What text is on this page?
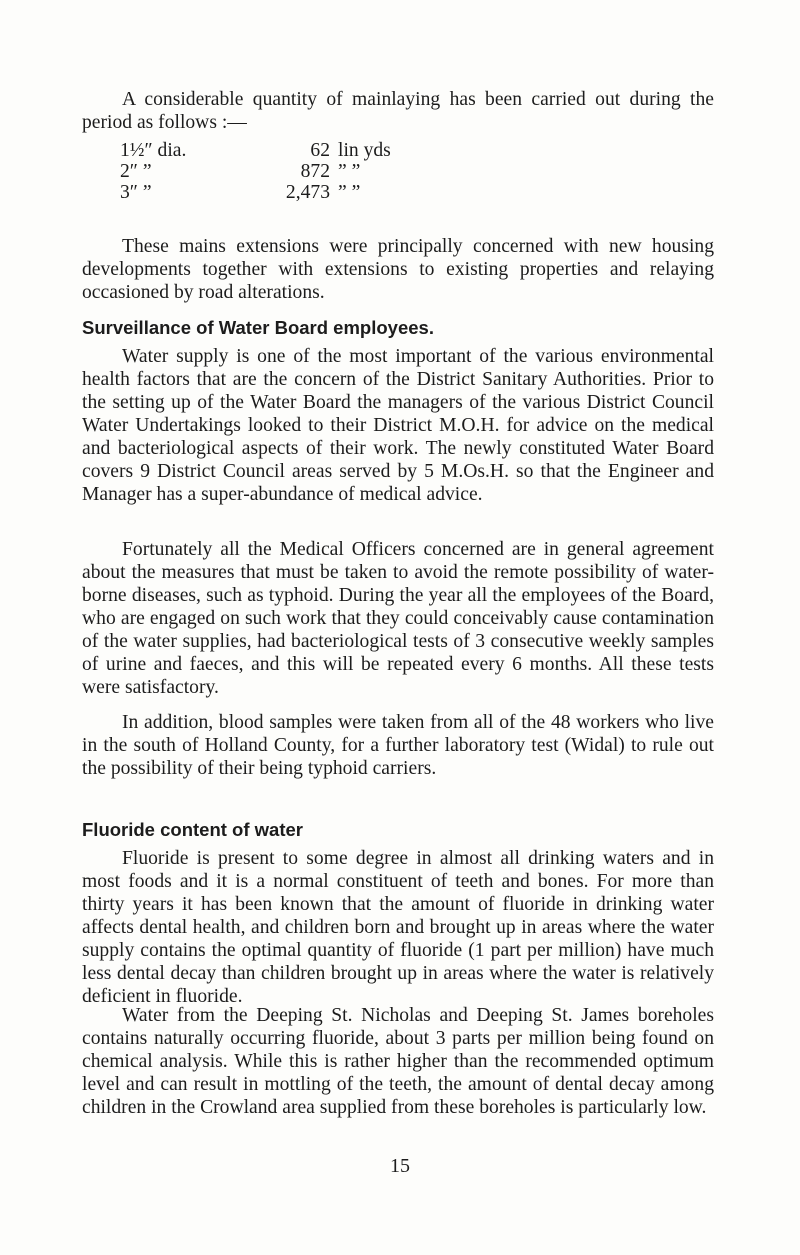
A considerable quantity of mainlaying has been carried out during the period as follows :—

1½″ dia.	62 lin yds
2″ ”	872 ” ”
3″ ”	2,473 ” ”

These mains extensions were principally concerned with new housing developments together with extensions to existing properties and relaying occasioned by road alterations.

Surveillance of Water Board employees.

Water supply is one of the most important of the various environmental health factors that are the concern of the District Sanitary Authorities. Prior to the setting up of the Water Board the managers of the various District Council Water Undertakings looked to their District M.O.H. for advice on the medical and bacteriological aspects of their work. The newly constituted Water Board covers 9 District Council areas served by 5 M.Os.H. so that the Engineer and Manager has a super-abundance of medical advice.

Fortunately all the Medical Officers concerned are in general agreement about the measures that must be taken to avoid the remote possibility of water-borne diseases, such as typhoid. During the year all the employees of the Board, who are engaged on such work that they could conceivably cause contamination of the water supplies, had bacteriological tests of 3 consecutive weekly samples of urine and faeces, and this will be repeated every 6 months. All these tests were satisfactory.

In addition, blood samples were taken from all of the 48 workers who live in the south of Holland County, for a further laboratory test (Widal) to rule out the possibility of their being typhoid carriers.

Fluoride content of water

Fluoride is present to some degree in almost all drinking waters and in most foods and it is a normal constituent of teeth and bones. For more than thirty years it has been known that the amount of fluoride in drinking water affects dental health, and children born and brought up in areas where the water supply contains the optimal quantity of fluoride (1 part per million) have much less dental decay than children brought up in areas where the water is relatively deficient in fluoride.

Water from the Deeping St. Nicholas and Deeping St. James boreholes contains naturally occurring fluoride, about 3 parts per million being found on chemical analysis. While this is rather higher than the recommended optimum level and can result in mottling of the teeth, the amount of dental decay among children in the Crowland area supplied from these boreholes is particularly low.

15
